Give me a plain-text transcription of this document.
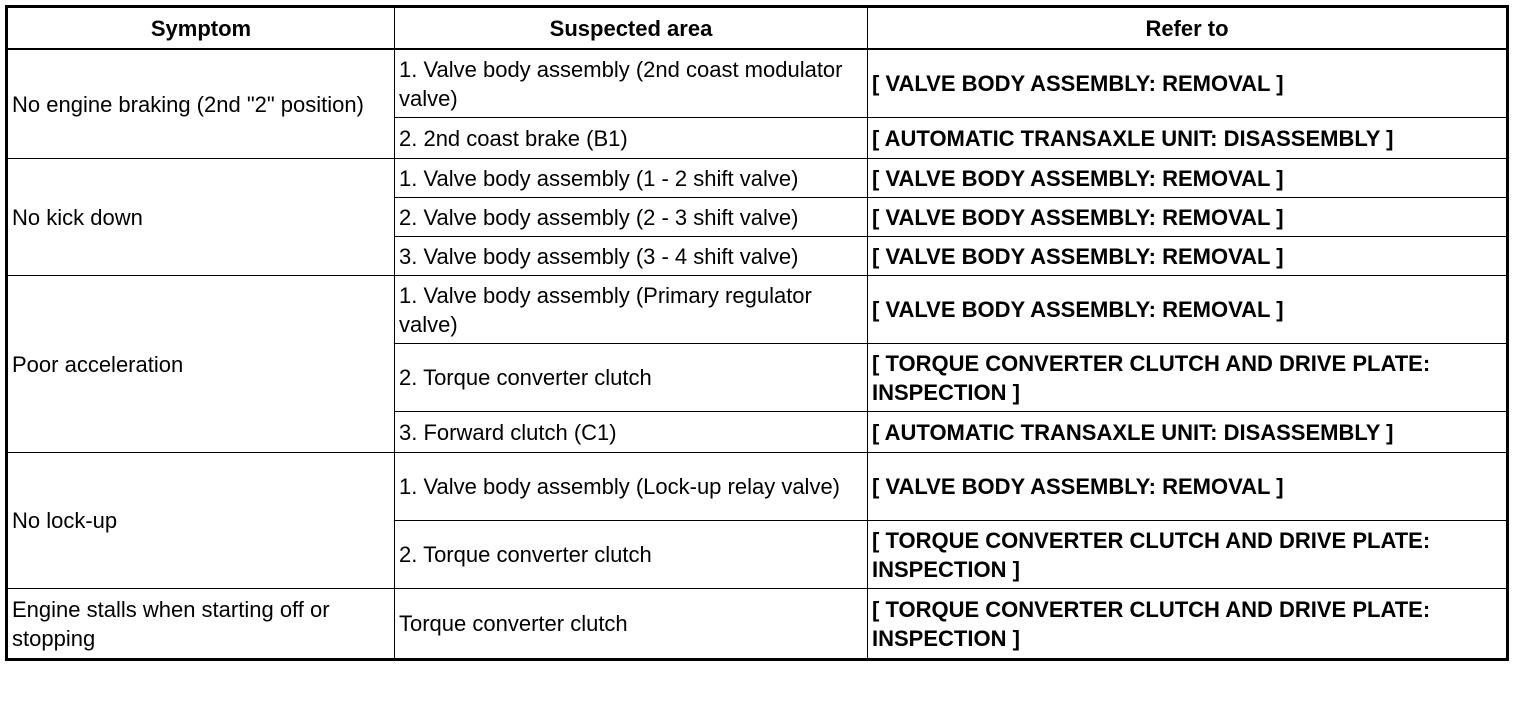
Symptom	Suspected area	Refer to
No engine braking (2nd "2" position)	1. Valve body assembly (2nd coast modulator valve)	[ VALVE BODY ASSEMBLY: REMOVAL ]
	2. 2nd coast brake (B1)	[ AUTOMATIC TRANSAXLE UNIT: DISASSEMBLY ]
No kick down	1. Valve body assembly (1 - 2 shift valve)	[ VALVE BODY ASSEMBLY: REMOVAL ]
	2. Valve body assembly (2 - 3 shift valve)	[ VALVE BODY ASSEMBLY: REMOVAL ]
	3. Valve body assembly (3 - 4 shift valve)	[ VALVE BODY ASSEMBLY: REMOVAL ]
Poor acceleration	1. Valve body assembly (Primary regulator valve)	[ VALVE BODY ASSEMBLY: REMOVAL ]
	2. Torque converter clutch	[ TORQUE CONVERTER CLUTCH AND DRIVE PLATE: INSPECTION ]
	3. Forward clutch (C1)	[ AUTOMATIC TRANSAXLE UNIT: DISASSEMBLY ]
No lock-up	1. Valve body assembly (Lock-up relay valve)	[ VALVE BODY ASSEMBLY: REMOVAL ]
	2. Torque converter clutch	[ TORQUE CONVERTER CLUTCH AND DRIVE PLATE: INSPECTION ]
Engine stalls when starting off or stopping	Torque converter clutch	[ TORQUE CONVERTER CLUTCH AND DRIVE PLATE: INSPECTION ]
